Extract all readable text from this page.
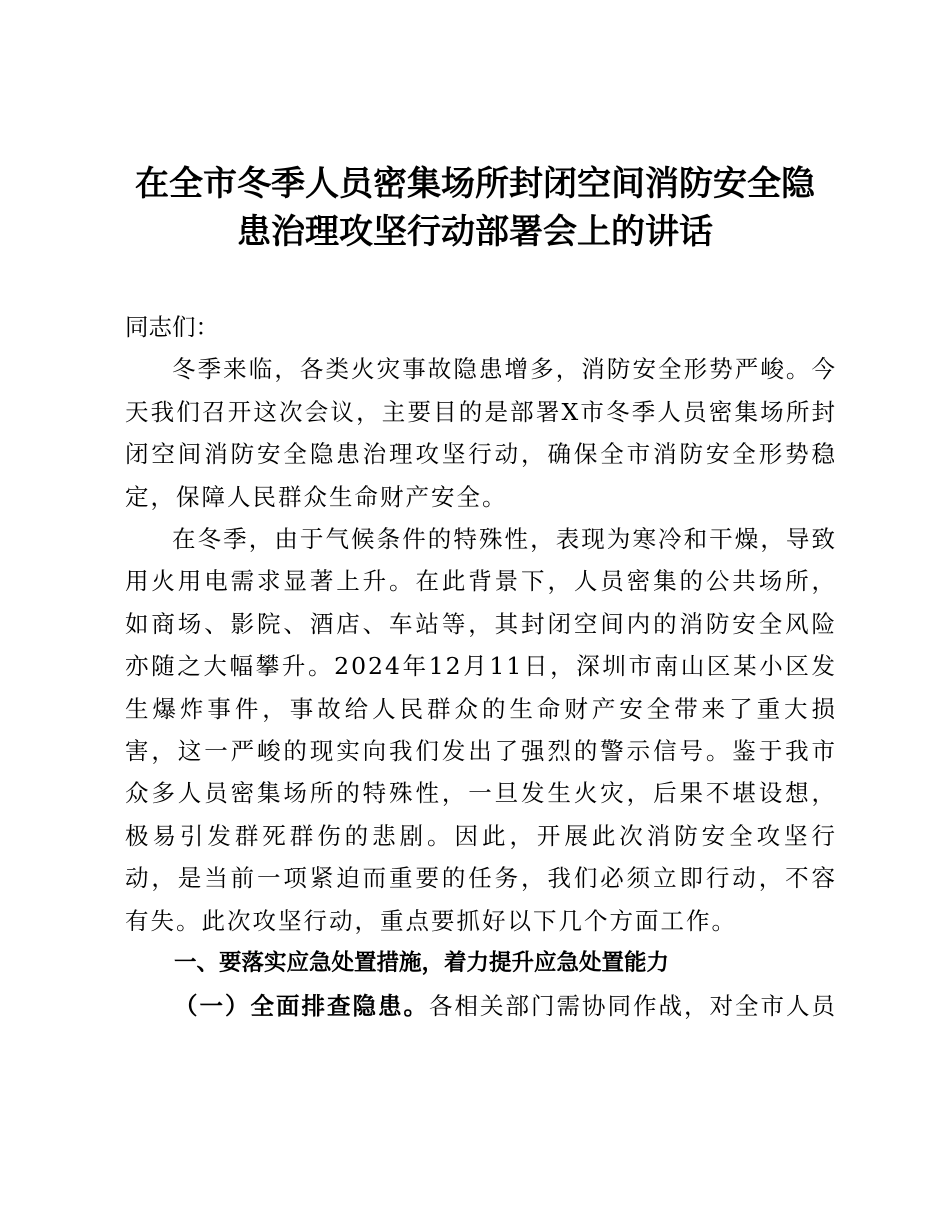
在全市冬季人员密集场所封闭空间消防安全隐
患治理攻坚行动部署会上的讲话

同志们：

冬季来临，各类火灾事故隐患增多，消防安全形势严峻。今天我们召开这次会议，主要目的是部署X市冬季人员密集场所封闭空间消防安全隐患治理攻坚行动，确保全市消防安全形势稳定，保障人民群众生命财产安全。

在冬季，由于气候条件的特殊性，表现为寒冷和干燥，导致用火用电需求显著上升。在此背景下，人员密集的公共场所，如商场、影院、酒店、车站等，其封闭空间内的消防安全风险亦随之大幅攀升。2024年12月11日，深圳市南山区某小区发生爆炸事件，事故给人民群众的生命财产安全带来了重大损害，这一严峻的现实向我们发出了强烈的警示信号。鉴于我市众多人员密集场所的特殊性，一旦发生火灾，后果不堪设想，极易引发群死群伤的悲剧。因此，开展此次消防安全攻坚行动，是当前一项紧迫而重要的任务，我们必须立即行动，不容有失。此次攻坚行动，重点要抓好以下几个方面工作。

一、要落实应急处置措施，着力提升应急处置能力

（一）全面排查隐患。各相关部门需协同作战，对全市人员
